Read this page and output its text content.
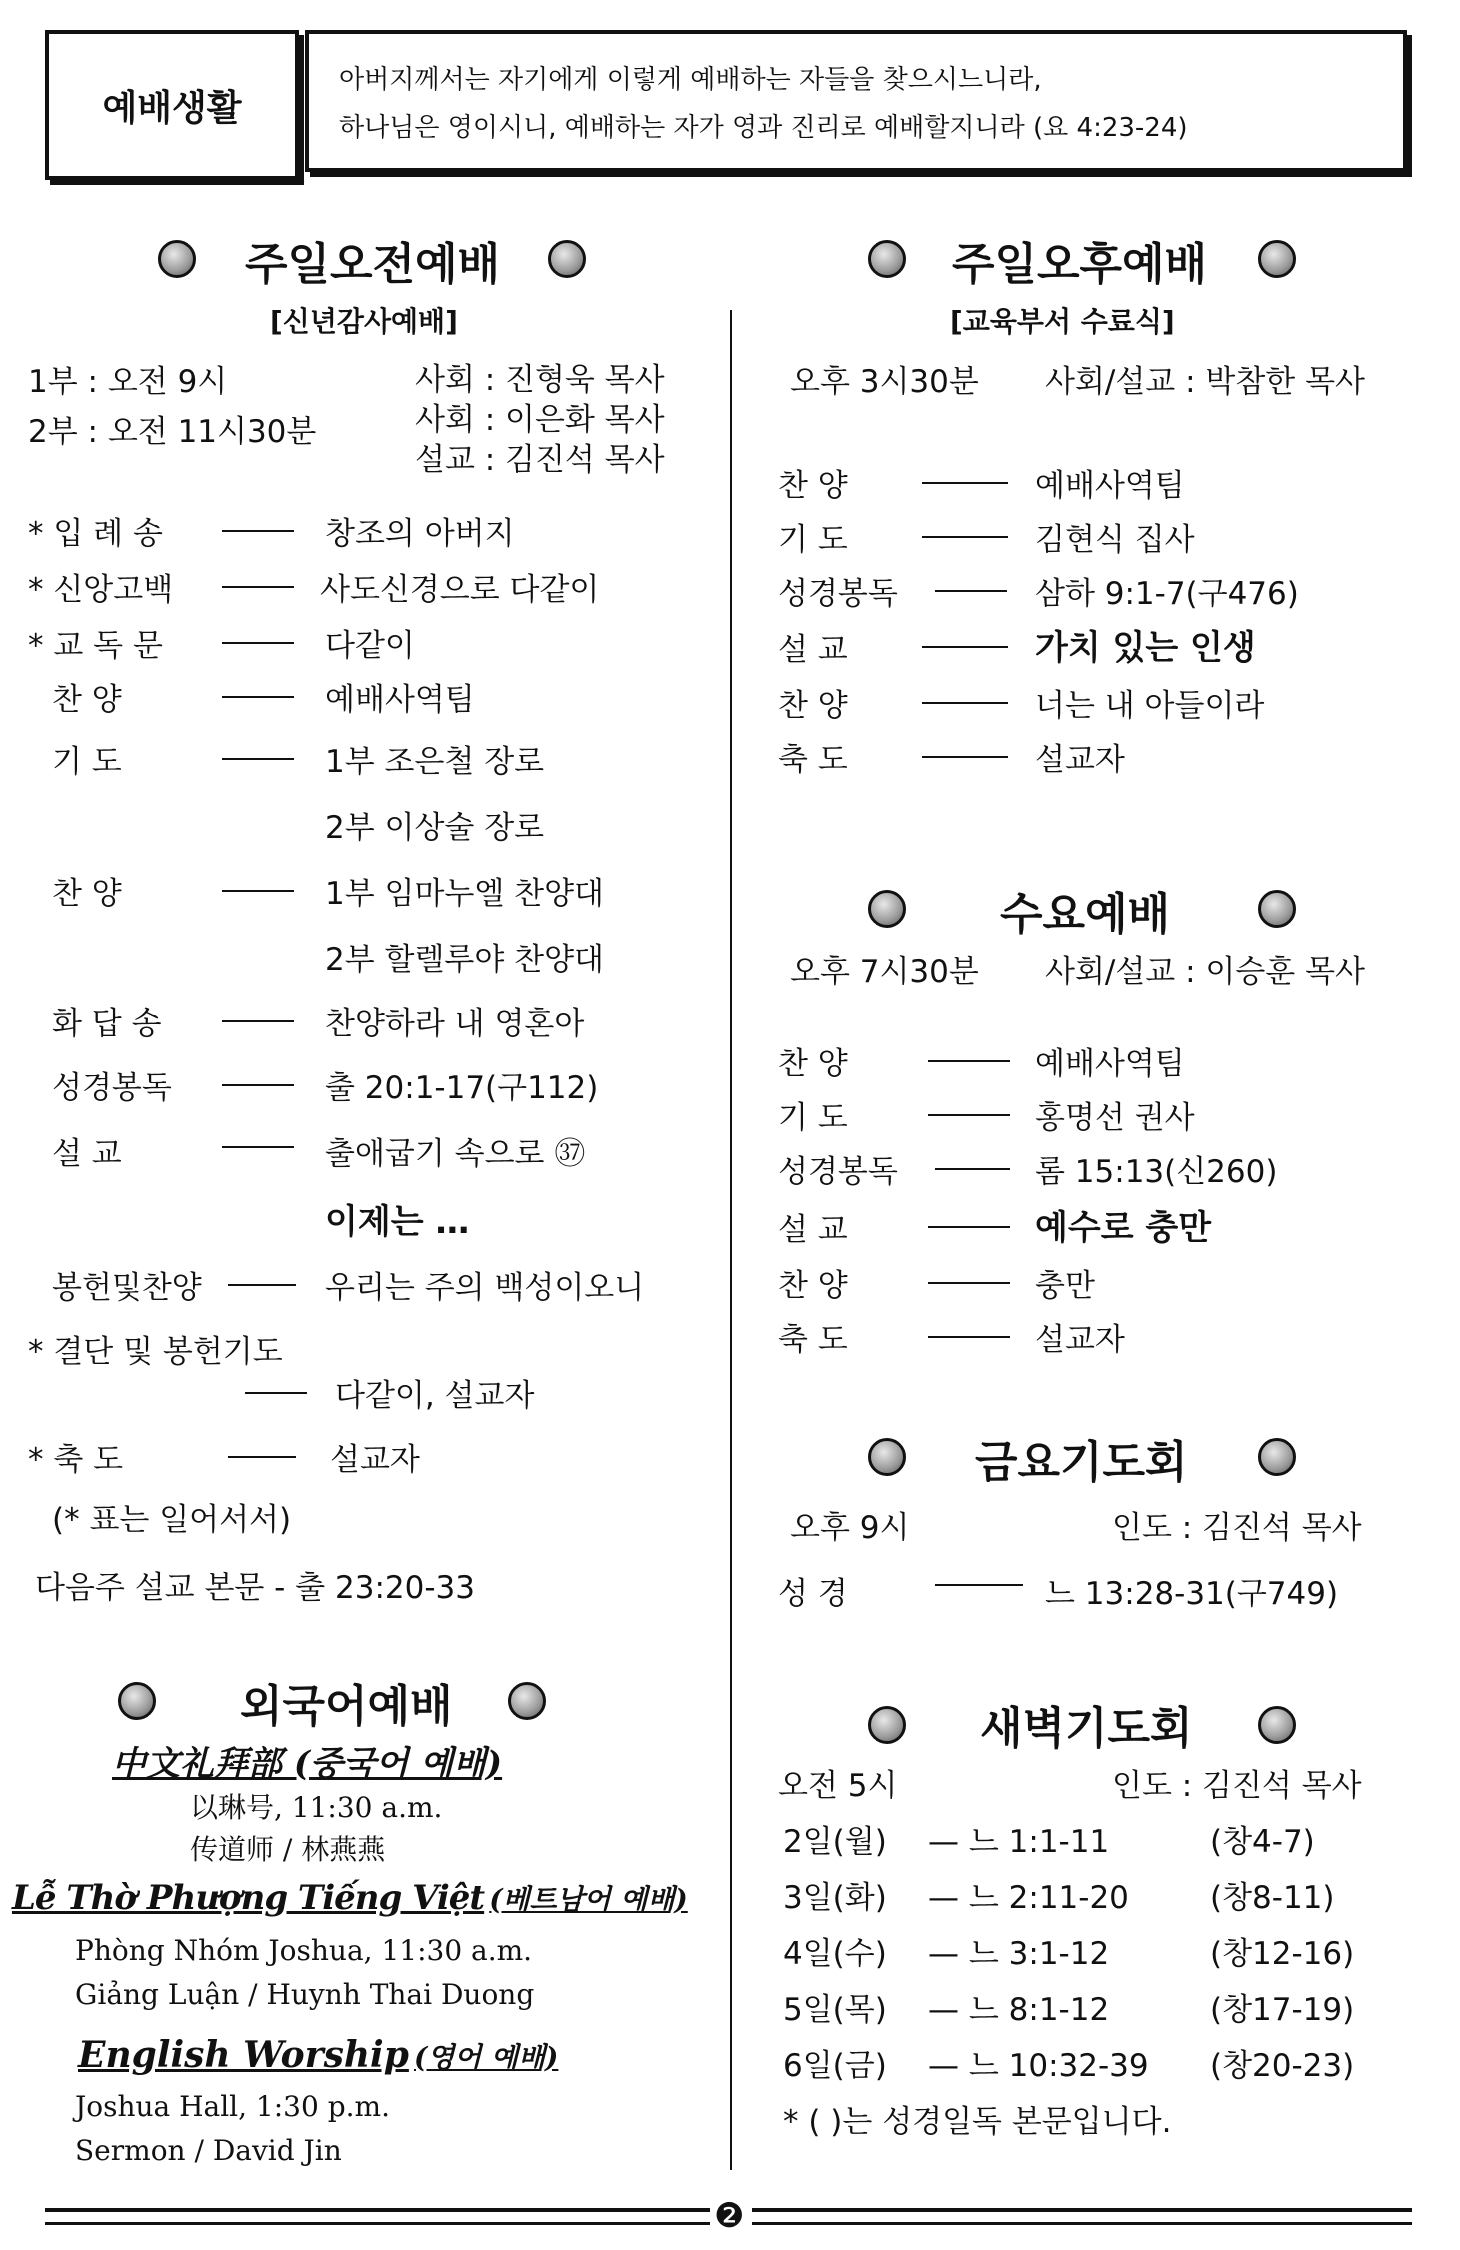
예배생활
아버지께서는 자기에게 이렇게 예배하는 자들을 찾으시느니라,
하나님은 영이시니, 예배하는 자가 영과 진리로 예배할지니라 (요 4:23-24)
주일오전예배
[신년감사예배]
1부 : 오전 9시
2부 : 오전 11시30분
사회 : 진형욱 목사
사회 : 이은화 목사
설교 : 김진석 목사
* 입 례 송	창조의 아버지
* 신앙고백	사도신경으로 다같이
* 교 독 문	다같이
찬 양	예배사역팀
기 도	1부 조은철 장로
2부 이상술 장로
찬 양	1부 임마누엘 찬양대
2부 할렐루야 찬양대
화 답 송	찬양하라 내 영혼아
성경봉독	출 20:1-17(구112)
설 교	출애굽기 속으로 ㊲
이제는 …
봉헌및찬양	우리는 주의 백성이오니
* 결단 및 봉헌기도
다같이, 설교자
* 축 도	설교자
(* 표는 일어서서)
다음주 설교 본문 - 출 23:20-33
외국어예배
中文礼拜部 (중국어 예배)
以琳号, 11:30 a.m.
传道师 / 林燕燕
Lễ Thờ Phượng Tiếng Việt (베트남어 예배)
Phòng Nhóm Joshua, 11:30 a.m.
Giảng Luận / Huynh Thai Duong
English Worship (영어 예배)
Joshua Hall, 1:30 p.m.
Sermon / David Jin
주일오후예배
[교육부서 수료식]
오후 3시30분 사회/설교 : 박참한 목사
찬 양	예배사역팀
기 도	김현식 집사
성경봉독	삼하 9:1-7(구476)
설 교	가치 있는 인생
찬 양	너는 내 아들이라
축 도	설교자
수요예배
오후 7시30분 사회/설교 : 이승훈 목사
찬 양	예배사역팀
기 도	홍명선 권사
성경봉독	롬 15:13(신260)
설 교	예수로 충만
찬 양	충만
축 도	설교자
금요기도회
오후 9시	인도 : 김진석 목사
성 경	느 13:28-31(구749)
새벽기도회
오전 5시	인도 : 김진석 목사
2일(월) — 느 1:1-11	(창4-7)
3일(화) — 느 2:11-20	(창8-11)
4일(수) — 느 3:1-12	(창12-16)
5일(목) — 느 8:1-12	(창17-19)
6일(금) — 느 10:32-39 (창20-23)
* ( )는 성경일독 본문입니다.
❷
